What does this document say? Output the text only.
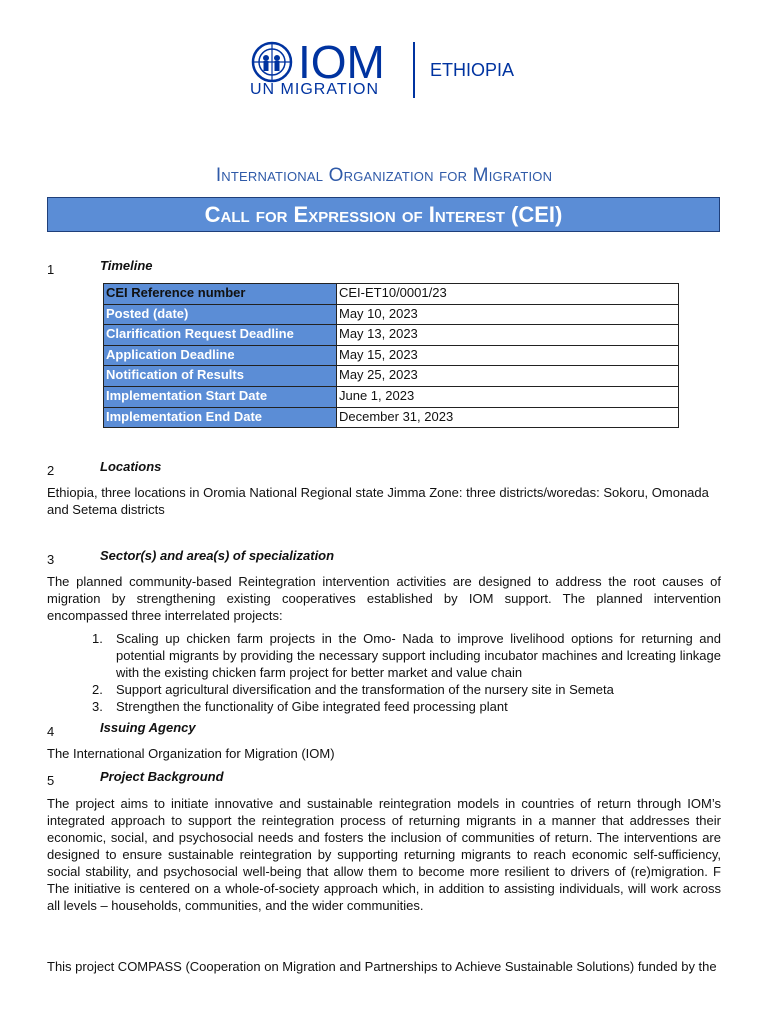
IOM
UN MIGRATION
ETHIOPIA
International Organization for Migration
Call for Expression of Interest (CEI)
1	Timeline
CEI Reference number	CEI-ET10/0001/23
Posted (date)	May 10, 2023
Clarification Request Deadline	May 13, 2023
Application Deadline	May 15, 2023
Notification of Results	May 25, 2023
Implementation Start Date	June 1, 2023
Implementation End Date	December 31, 2023
2	Locations
Ethiopia, three locations in Oromia National Regional state Jimma Zone: three districts/woredas: Sokoru, Omonada and Setema districts
3	Sector(s) and area(s) of specialization
The planned community-based Reintegration intervention activities are designed to address the root causes of migration by strengthening existing cooperatives established by IOM support. The planned intervention encompassed three interrelated projects:
1. Scaling up chicken farm projects in the Omo- Nada to improve livelihood options for returning and potential migrants by providing the necessary support including incubator machines and lcreating linkage with the existing chicken farm project for better market and value chain
2. Support agricultural diversification and the transformation of the nursery site in Semeta
3. Strengthen the functionality of Gibe integrated feed processing plant
4	Issuing Agency
The International Organization for Migration (IOM)
5	Project Background
The project aims to initiate innovative and sustainable reintegration models in countries of return through IOM’s integrated approach to support the reintegration process of returning migrants in a manner that addresses their economic, social, and psychosocial needs and fosters the inclusion of communities of return. The interventions are designed to ensure sustainable reintegration by supporting returning migrants to reach economic self-sufficiency, social stability, and psychosocial well-being that allow them to become more resilient to drivers of (re)migration. F The initiative is centered on a whole-of-society approach which, in addition to assisting individuals, will work across all levels – households, communities, and the wider communities.
This project COMPASS (Cooperation on Migration and Partnerships to Achieve Sustainable Solutions) funded by the
